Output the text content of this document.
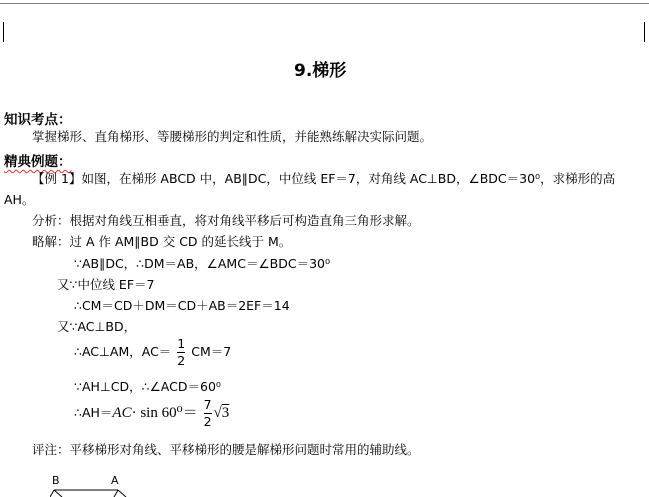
9.梯形
知识考点：
掌握梯形、直角梯形、等腰梯形的判定和性质，并能熟练解决实际问题。
精典例题：
【例 1】如图，在梯形 ABCD 中，AB∥DC，中位线 EF＝7，对角线 AC⊥BD，∠BDC＝30⁰，求梯形的高
AH。
分析：根据对角线互相垂直，将对角线平移后可构造直角三角形求解。
略解：过 A 作 AM∥BD 交 CD 的延长线于 M。
∵AB∥DC，∴DM＝AB，∠AMC＝∠BDC＝30⁰
又∵中位线 EF＝7
∴CM＝CD＋DM＝CD＋AB＝2EF＝14
又∵AC⊥BD，
∴AC⊥AM，$AC= \frac{1}{2} CM=7$
∵AH⊥CD，∴∠ACD＝60⁰
∴AH＝AC· $\sin 60^0= \frac{7}{2} √3$
评注：平移梯形对角线、平移梯形的腰是解梯形问题时常用的辅助线。
B	A
